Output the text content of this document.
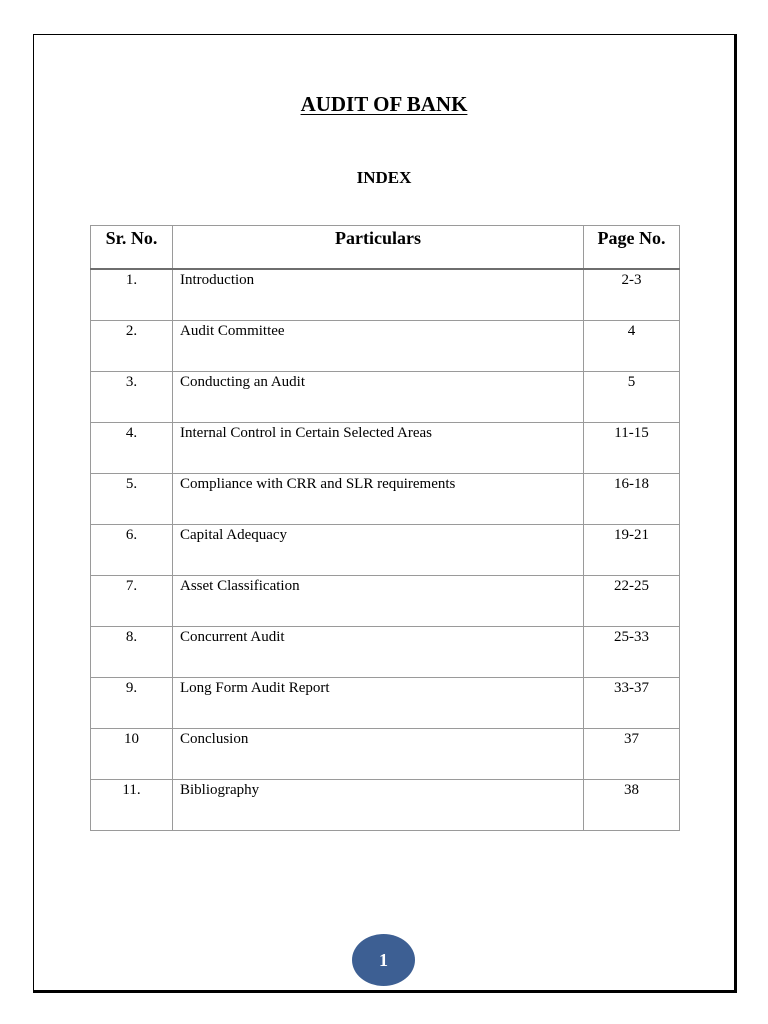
AUDIT OF BANK
INDEX
Sr. No.	Particulars	Page No.
1.	Introduction	2-3
2.	Audit Committee	4
3.	Conducting an Audit	5
4.	Internal Control in Certain Selected Areas	11-15
5.	Compliance with CRR and SLR requirements	16-18
6.	Capital Adequacy	19-21
7.	Asset Classification	22-25
8.	Concurrent Audit	25-33
9.	Long Form Audit Report	33-37
10	Conclusion	37
11.	Bibliography	38
1
